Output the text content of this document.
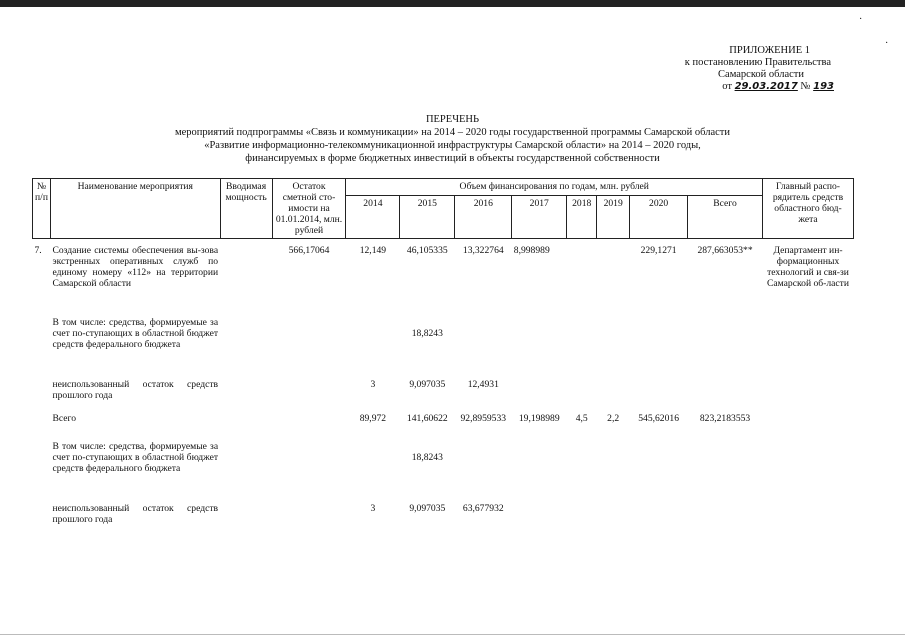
·
·
ПРИЛОЖЕНИЕ 1
к постановлению Правительства
Самарской области
от 29.03.2017 № 193
ПЕРЕЧЕНЬ
мероприятий подпрограммы «Связь и коммуникации» на 2014 – 2020 годы государственной программы Самарской области
«Развитие информационно-телекоммуникационной инфраструктуры Самарской области» на 2014 – 2020 годы,
финансируемых в форме бюджетных инвестиций в объекты государственной собственности
№ п/п	Наименование мероприятия	Вводимая мощность	Остаток сметной сто-имости на 01.01.2014, млн. рублей	Объем финансирования по годам, млн. рублей								Главный распо-рядитель средств областного бюд-жета
				2014	2015	2016	2017	2018	2019	2020	Всего	
7.	Создание системы обеспечения вы-зова экстренных оперативных служб по единому номеру «112» на территории Самарской области		566,17064	12,149	46,105335	13,322764	8,998989			229,1271	287,663053**	Департамент ин-формационных технологий и свя-зи Самарской об-ласти
	В том числе: средства, формируемые за счет по-ступающих в областной бюджет средств федерального бюджета				18,8243							
	неиспользованный остаток средств прошлого года			3	9,097035	12,4931						
	Всего			89,972	141,60622	92,8959533	19,198989	4,5	2,2	545,62016	823,2183553	
	В том числе: средства, формируемые за счет по-ступающих в областной бюджет средств федерального бюджета				18,8243							
	неиспользованный остаток средств прошлого года			3	9,097035	63,677932						
